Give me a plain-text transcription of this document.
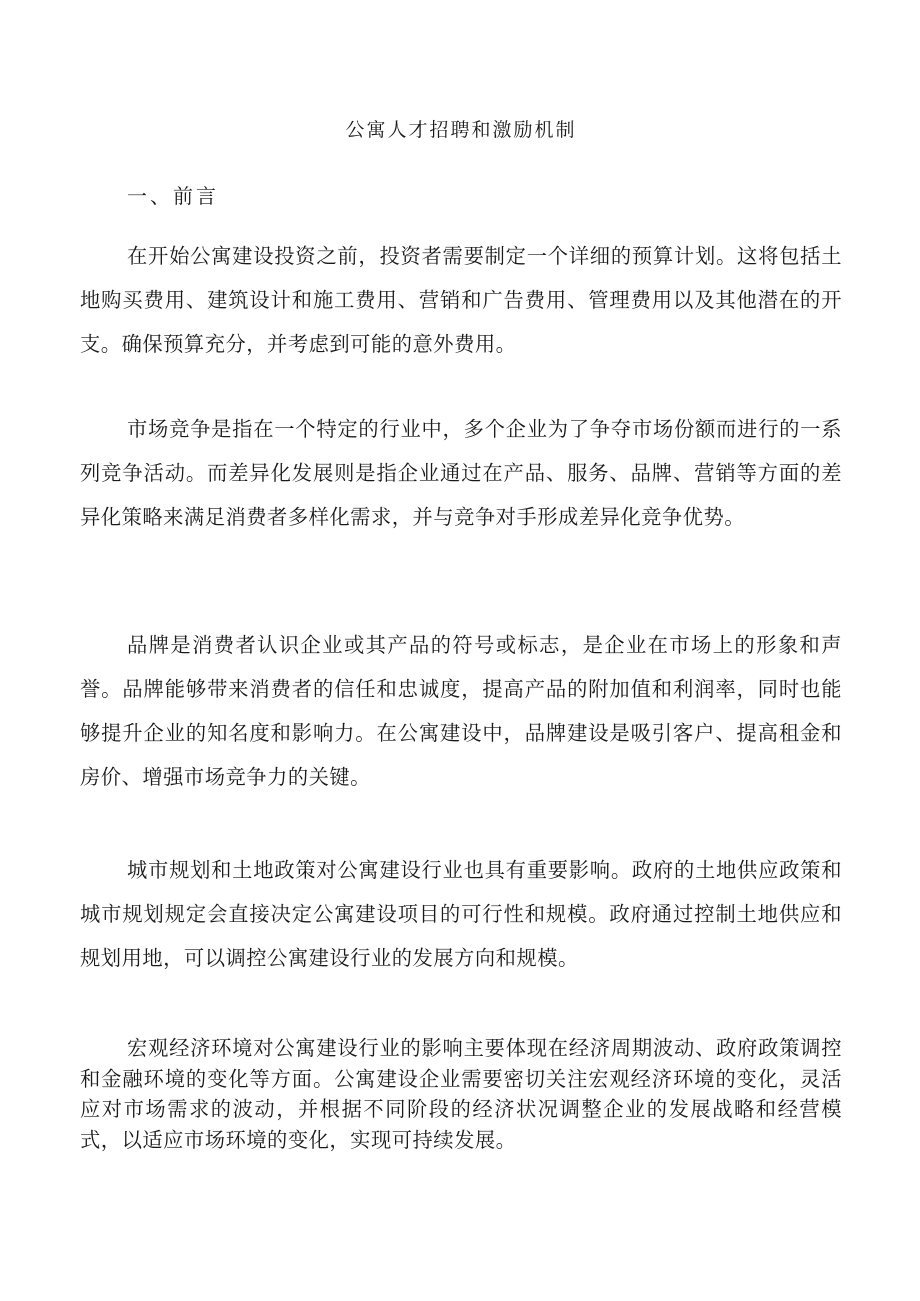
公寓人才招聘和激励机制
一、前言

在开始公寓建设投资之前，投资者需要制定一个详细的预算计划。这将包括土地购买费用、建筑设计和施工费用、营销和广告费用、管理费用以及其他潜在的开支。确保预算充分，并考虑到可能的意外费用。

市场竞争是指在一个特定的行业中，多个企业为了争夺市场份额而进行的一系列竞争活动。而差异化发展则是指企业通过在产品、服务、品牌、营销等方面的差异化策略来满足消费者多样化需求，并与竞争对手形成差异化竞争优势。

品牌是消费者认识企业或其产品的符号或标志，是企业在市场上的形象和声誉。品牌能够带来消费者的信任和忠诚度，提高产品的附加值和利润率，同时也能够提升企业的知名度和影响力。在公寓建设中，品牌建设是吸引客户、提高租金和房价、增强市场竞争力的关键。

城市规划和土地政策对公寓建设行业也具有重要影响。政府的土地供应政策和城市规划规定会直接决定公寓建设项目的可行性和规模。政府通过控制土地供应和规划用地，可以调控公寓建设行业的发展方向和规模。

宏观经济环境对公寓建设行业的影响主要体现在经济周期波动、政府政策调控和金融环境的变化等方面。公寓建设企业需要密切关注宏观经济环境的变化，灵活应对市场需求的波动，并根据不同阶段的经济状况调整企业的发展战略和经营模式，以适应市场环境的变化，实现可持续发展。
